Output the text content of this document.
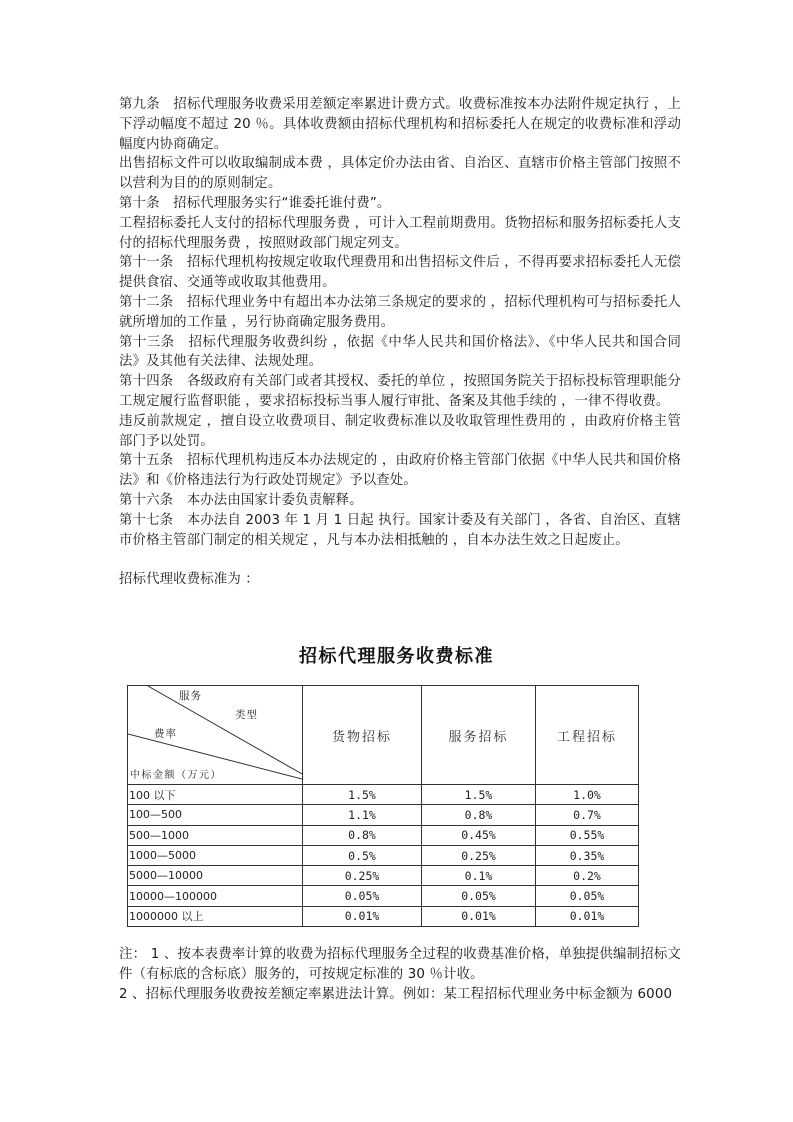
第九条　招标代理服务收费采用差额定率累进计费方式。收费标准按本办法附件规定执行 ，上下浮动幅度不超过 20 ％。具体收费额由招标代理机构和招标委托人在规定的收费标准和浮动幅度内协商确定。

出售招标文件可以收取编制成本费 ，具体定价办法由省、自治区、直辖市价格主管部门按照不以营利为目的的原则制定。

第十条　招标代理服务实行“谁委托谁付费”。

工程招标委托人支付的招标代理服务费 ，可计入工程前期费用。货物招标和服务招标委托人支付的招标代理服务费 ，按照财政部门规定列支。

第十一条　招标代理机构按规定收取代理费用和出售招标文件后 ，不得再要求招标委托人无偿提供食宿、交通等或收取其他费用。

第十二条　招标代理业务中有超出本办法第三条规定的要求的 ，招标代理机构可与招标委托人就所增加的工作量 ，另行协商确定服务费用。

第十三条　招标代理服务收费纠纷 ，依据《中华人民共和国价格法》、《中华人民共和国合同法》及其他有关法律、法规处理。

第十四条　各级政府有关部门或者其授权、委托的单位 ，按照国务院关于招标投标管理职能分工规定履行监督职能 ，要求招标投标当事人履行审批、备案及其他手续的 ，一律不得收费。

违反前款规定 ，擅自设立收费项目、制定收费标准以及收取管理性费用的 ，由政府价格主管部门予以处罚。

第十五条　招标代理机构违反本办法规定的 ，由政府价格主管部门依据《中华人民共和国价格法》和《价格违法行为行政处罚规定》予以查处。

第十六条　本办法由国家计委负责解释。

第十七条　本办法自 2003 年 1 月 1 日起 执行。国家计委及有关部门 ，各省、自治区、直辖市价格主管部门制定的相关规定 ，凡与本办法相抵触的 ，自本办法生效之日起废止。

招标代理收费标准为 ：

招标代理服务收费标准
服务
类型
费率
中标金额（万元）	货物招标	服务招标	工程招标
100 以下	1.5%	1.5%	1.0%
100—500	1.1%	0.8%	0.7%
500—1000	0.8%	0.45%	0.55%
1000—5000	0.5%	0.25%	0.35%
5000—10000	0.25%	0.1%	0.2%
10000—100000	0.05%	0.05%	0.05%
1000000 以上	0.01%	0.01%	0.01%

注： 1 、按本表费率计算的收费为招标代理服务全过程的收费基准价格，单独提供编制招标文件（有标底的含标底）服务的，可按规定标准的 30 ％计收。

2 、招标代理服务收费按差额定率累进法计算。例如：某工程招标代理业务中标金额为 6000
